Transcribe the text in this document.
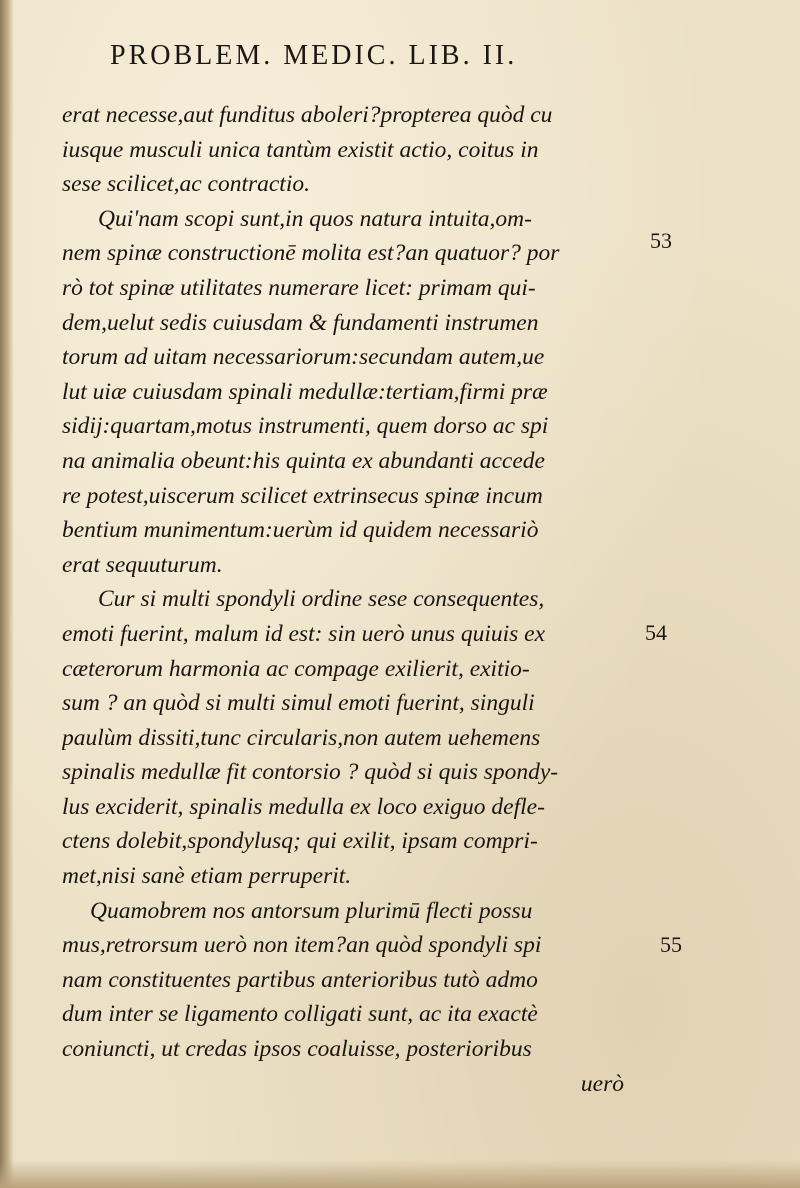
PROBLEM. MEDIC. LIB. II.
53
54
55
erat necesse,aut funditus aboleri?propterea quòd cu
iusque musculi unica tantùm existit actio, coitus in
sese scilicet,ac contractio.
Qui'nam scopi sunt,in quos natura intuita,om-
nem spinæ constructionē molita est?an quatuor? por
rò tot spinæ utilitates numerare licet: primam qui-
dem,uelut sedis cuiusdam & fundamenti instrumen
torum ad uitam necessariorum:secundam autem,ue
lut uiæ cuiusdam spinali medullæ:tertiam,firmi præ
sidij:quartam,motus instrumenti, quem dorso ac spi
na animalia obeunt:his quinta ex abundanti accede
re potest,uiscerum scilicet extrinsecus spinæ incum
bentium munimentum:uerùm id quidem necessariò
erat sequuturum.
Cur si multi spondyli ordine sese consequentes,
emoti fuerint, malum id est: sin uerò unus quiuis ex
cæterorum harmonia ac compage exilierit, exitio-
sum ? an quòd si multi simul emoti fuerint, singuli
paulùm dissiti,tunc circularis,non autem uehemens
spinalis medullæ fit contorsio ? quòd si quis spondy-
lus exciderit, spinalis medulla ex loco exiguo defle-
ctens dolebit,spondylusq; qui exilit, ipsam compri-
met,nisi sanè etiam perruperit.
Quamobrem nos antorsum plurimū flecti possu
mus,retrorsum uerò non item?an quòd spondyli spi
nam constituentes partibus anterioribus tutò admo
dum inter se ligamento colligati sunt, ac ita exactè
coniuncti, ut credas ipsos coaluisse, posterioribus
uerò
